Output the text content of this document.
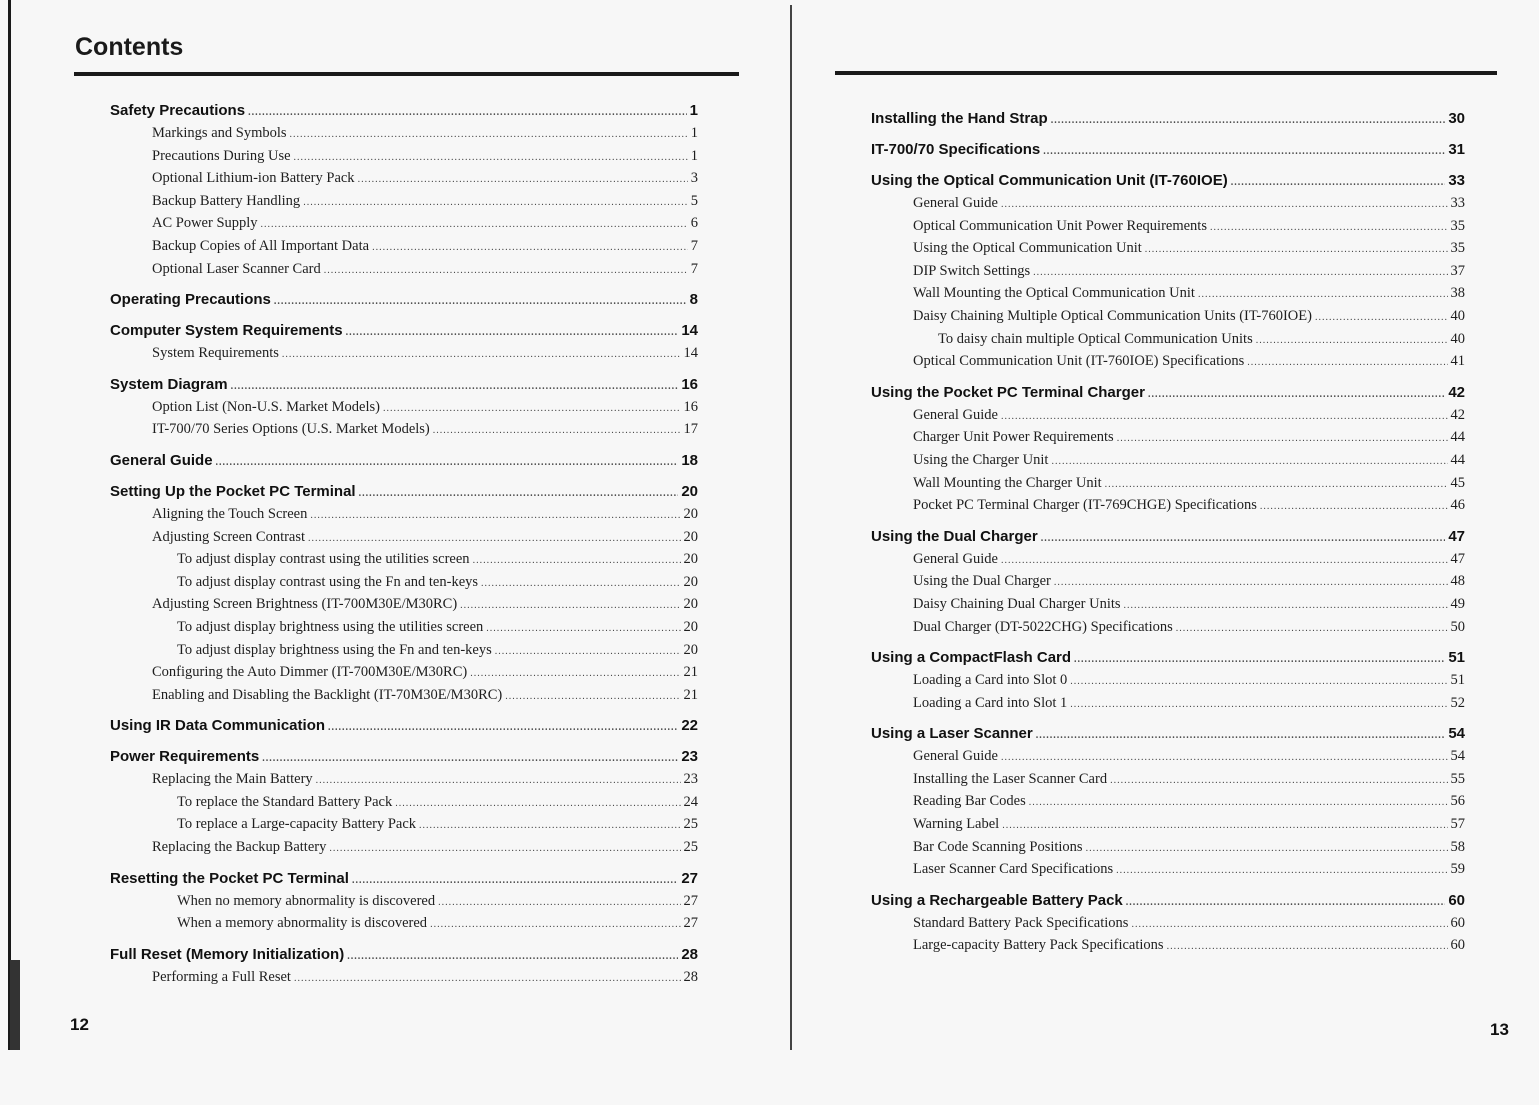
Contents
Safety Precautions .....	1
Markings and Symbols .....	1
Precautions During Use .....	1
Optional Lithium-ion Battery Pack .....	3
Backup Battery Handling .....	5
AC Power Supply .....	6
Backup Copies of All Important Data .....	7
Optional Laser Scanner Card .....	7
Operating Precautions .....	8
Computer System Requirements .....	14
System Requirements .....	14
System Diagram .....	16
Option List (Non-U.S. Market Models) .....	16
IT-700/70 Series Options (U.S. Market Models) .....	17
General Guide .....	18
Setting Up the Pocket PC Terminal .....	20
Aligning the Touch Screen .....	20
Adjusting Screen Contrast .....	20
To adjust display contrast using the utilities screen .....	20
To adjust display contrast using the Fn and ten-keys .....	20
Adjusting Screen Brightness (IT-700M30E/M30RC) .....	20
To adjust display brightness using the utilities screen .....	20
To adjust display brightness using the Fn and ten-keys .....	20
Configuring the Auto Dimmer (IT-700M30E/M30RC) .....	21
Enabling and Disabling the Backlight (IT-70M30E/M30RC) .....	21
Using IR Data Communication .....	22
Power Requirements .....	23
Replacing the Main Battery .....	23
To replace the Standard Battery Pack .....	24
To replace a Large-capacity Battery Pack .....	25
Replacing the Backup Battery .....	25
Resetting the Pocket PC Terminal .....	27
When no memory abnormality is discovered .....	27
When a memory abnormality is discovered .....	27
Full Reset (Memory Initialization) .....	28
Performing a Full Reset .....	28
12
Installing the Hand Strap .....	30
IT-700/70 Specifications .....	31
Using the Optical Communication Unit (IT-760IOE) .....	33
General Guide .....	33
Optical Communication Unit Power Requirements .....	35
Using the Optical Communication Unit .....	35
DIP Switch Settings .....	37
Wall Mounting the Optical Communication Unit .....	38
Daisy Chaining Multiple Optical Communication Units (IT-760IOE) .....	40
To daisy chain multiple Optical Communication Units .....	40
Optical Communication Unit (IT-760IOE) Specifications .....	41
Using the Pocket PC Terminal Charger .....	42
General Guide .....	42
Charger Unit Power Requirements .....	44
Using the Charger Unit .....	44
Wall Mounting the Charger Unit .....	45
Pocket PC Terminal Charger (IT-769CHGE) Specifications .....	46
Using the Dual Charger .....	47
General Guide .....	47
Using the Dual Charger .....	48
Daisy Chaining Dual Charger Units .....	49
Dual Charger (DT-5022CHG) Specifications .....	50
Using a CompactFlash Card .....	51
Loading a Card into Slot 0 .....	51
Loading a Card into Slot 1 .....	52
Using a Laser Scanner .....	54
General Guide .....	54
Installing the Laser Scanner Card .....	55
Reading Bar Codes .....	56
Warning Label .....	57
Bar Code Scanning Positions .....	58
Laser Scanner Card Specifications .....	59
Using a Rechargeable Battery Pack .....	60
Standard Battery Pack Specifications .....	60
Large-capacity Battery Pack Specifications .....	60
13
